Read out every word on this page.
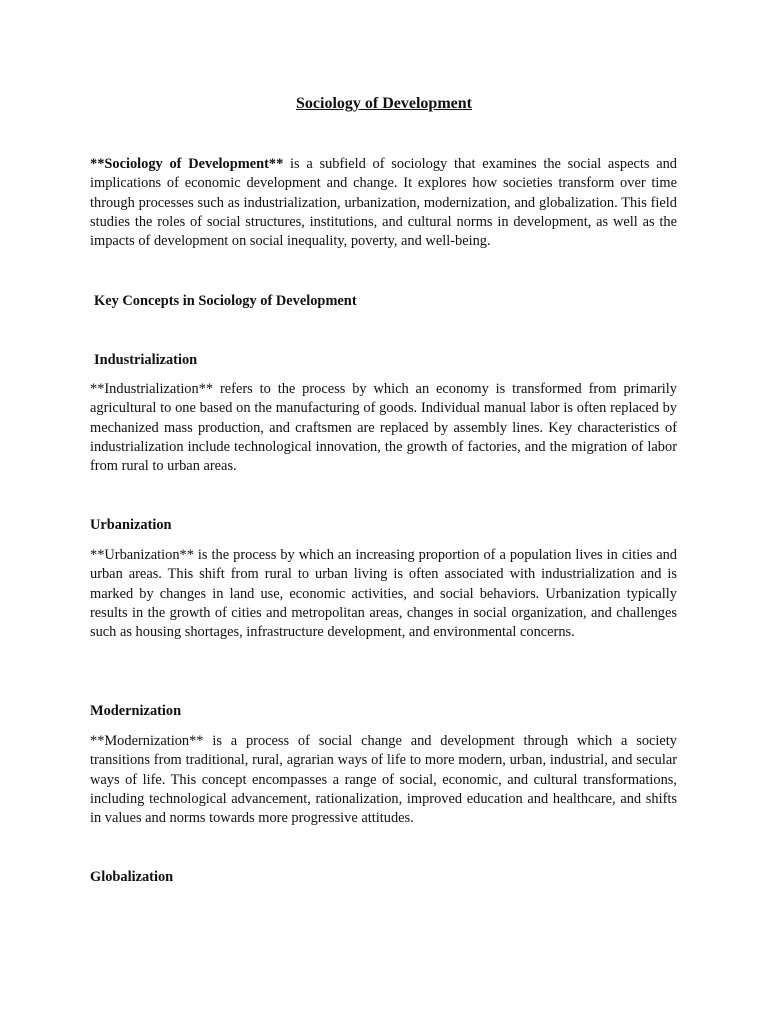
Sociology of Development

**Sociology of Development** is a subfield of sociology that examines the social aspects and implications of economic development and change. It explores how societies transform over time through processes such as industrialization, urbanization, modernization, and globalization. This field studies the roles of social structures, institutions, and cultural norms in development, as well as the impacts of development on social inequality, poverty, and well-being.

Key Concepts in Sociology of Development
Industrialization

**Industrialization** refers to the process by which an economy is transformed from primarily agricultural to one based on the manufacturing of goods. Individual manual labor is often replaced by mechanized mass production, and craftsmen are replaced by assembly lines. Key characteristics of industrialization include technological innovation, the growth of factories, and the migration of labor from rural to urban areas.

Urbanization

**Urbanization** is the process by which an increasing proportion of a population lives in cities and urban areas. This shift from rural to urban living is often associated with industrialization and is marked by changes in land use, economic activities, and social behaviors. Urbanization typically results in the growth of cities and metropolitan areas, changes in social organization, and challenges such as housing shortages, infrastructure development, and environmental concerns.

Modernization

**Modernization** is a process of social change and development through which a society transitions from traditional, rural, agrarian ways of life to more modern, urban, industrial, and secular ways of life. This concept encompasses a range of social, economic, and cultural transformations, including technological advancement, rationalization, improved education and healthcare, and shifts in values and norms towards more progressive attitudes.

Globalization
